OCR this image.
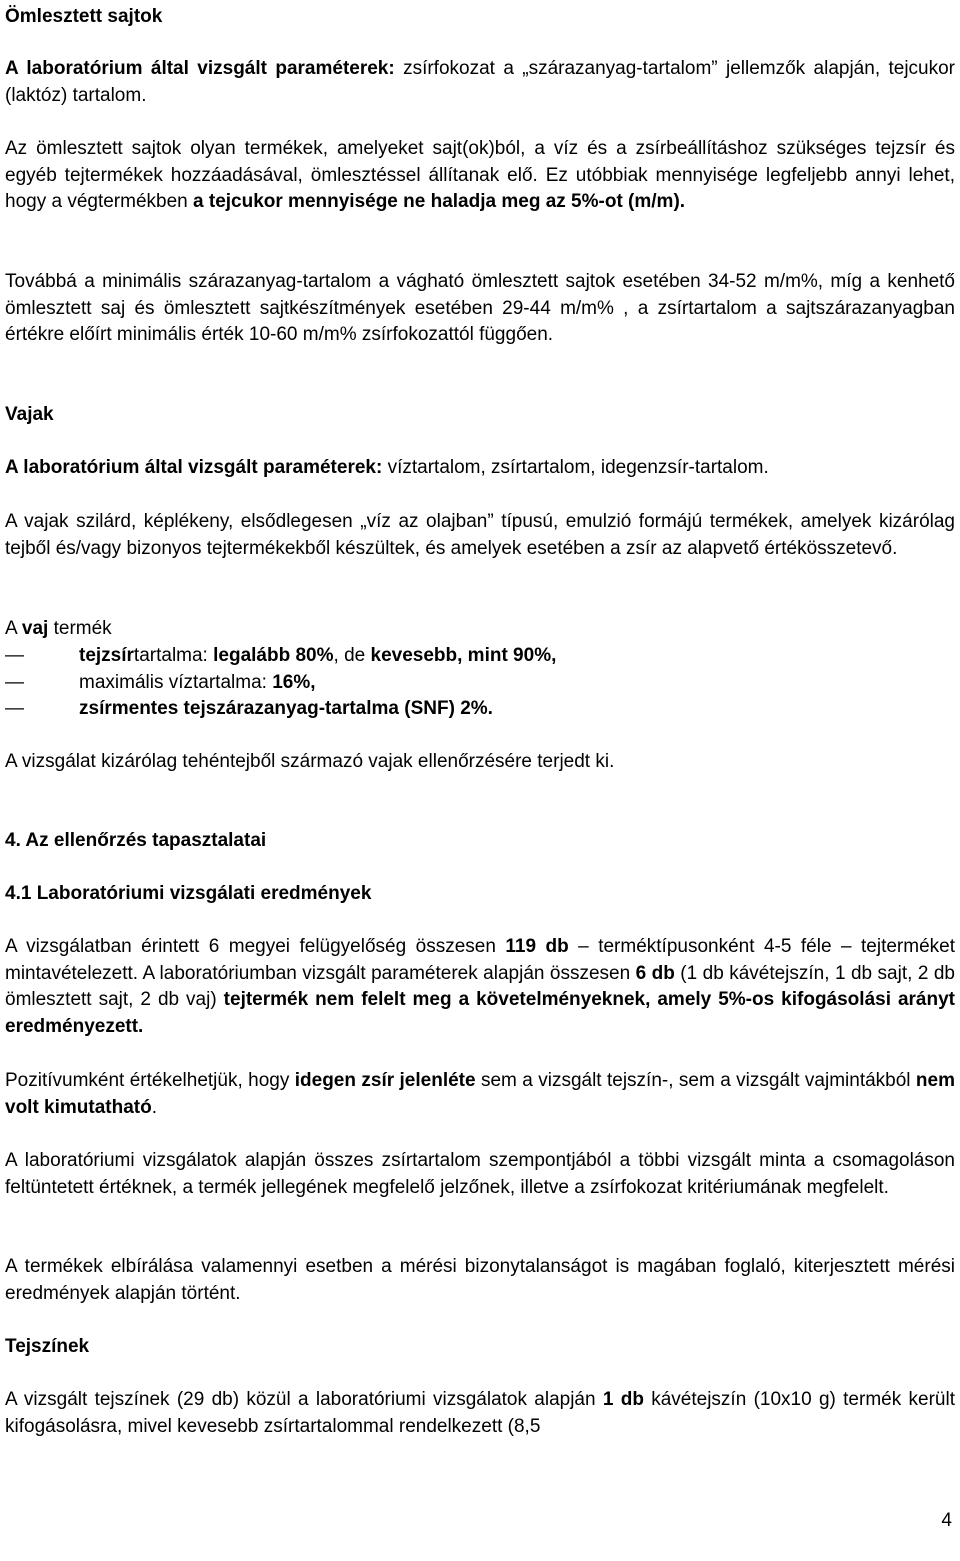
Ömlesztett sajtok

A laboratórium által vizsgált paraméterek: zsírfokozat a „szárazanyag-tartalom” jellemzők alapján, tejcukor (laktóz) tartalom.

Az ömlesztett sajtok olyan termékek, amelyeket sajt(ok)ból, a víz és a zsírbeállításhoz szükséges tejzsír és egyéb tejtermékek hozzáadásával, ömlesztéssel állítanak elő. Ez utóbbiak mennyisége legfeljebb annyi lehet, hogy a végtermékben a tejcukor mennyisége ne haladja meg az 5%-ot (m/m).

Továbbá a minimális szárazanyag-tartalom a vágható ömlesztett sajtok esetében 34-52 m/m%, míg a kenhető ömlesztett saj és ömlesztett sajtkészítmények esetében 29-44 m/m% , a zsírtartalom a sajtszárazanyagban értékre előírt minimális érték 10-60 m/m% zsírfokozattól függően.

Vajak

A laboratórium által vizsgált paraméterek: víztartalom, zsírtartalom, idegenzsír-tartalom.

A vajak szilárd, képlékeny, elsődlegesen „víz az olajban” típusú, emulzió formájú termékek, amelyek kizárólag tejből és/vagy bizonyos tejtermékekből készültek, és amelyek esetében a zsír az alapvető értékösszetevő.

A vaj termék

—	tejzsírtartalma: legalább 80%, de kevesebb, mint 90%,
—	maximális víztartalma: 16%,
—	zsírmentes tejszárazanyag-tartalma (SNF) 2%.

A vizsgálat kizárólag tehéntejből származó vajak ellenőrzésére terjedt ki.

4. Az ellenőrzés tapasztalatai
4.1 Laboratóriumi vizsgálati eredmények

A vizsgálatban érintett 6 megyei felügyelőség összesen 119 db – terméktípusonként 4-5 féle – tejterméket mintavételezett. A laboratóriumban vizsgált paraméterek alapján összesen 6 db (1 db kávétejszín, 1 db sajt, 2 db ömlesztett sajt, 2 db vaj) tejtermék nem felelt meg a követelményeknek, amely 5%-os kifogásolási arányt eredményezett.

Pozitívumként értékelhetjük, hogy idegen zsír jelenléte sem a vizsgált tejszín-, sem a vizsgált vajmintákból nem volt kimutatható.

A laboratóriumi vizsgálatok alapján összes zsírtartalom szempontjából a többi vizsgált minta a csomagoláson feltüntetett értéknek, a termék jellegének megfelelő jelzőnek, illetve a zsírfokozat kritériumának megfelelt.

A termékek elbírálása valamennyi esetben a mérési bizonytalanságot is magában foglaló, kiterjesztett mérési eredmények alapján történt.

Tejszínek

A vizsgált tejszínek (29 db) közül a laboratóriumi vizsgálatok alapján 1 db kávétejszín (10x10 g) termék került kifogásolásra, mivel kevesebb zsírtartalommal rendelkezett (8,5

4
